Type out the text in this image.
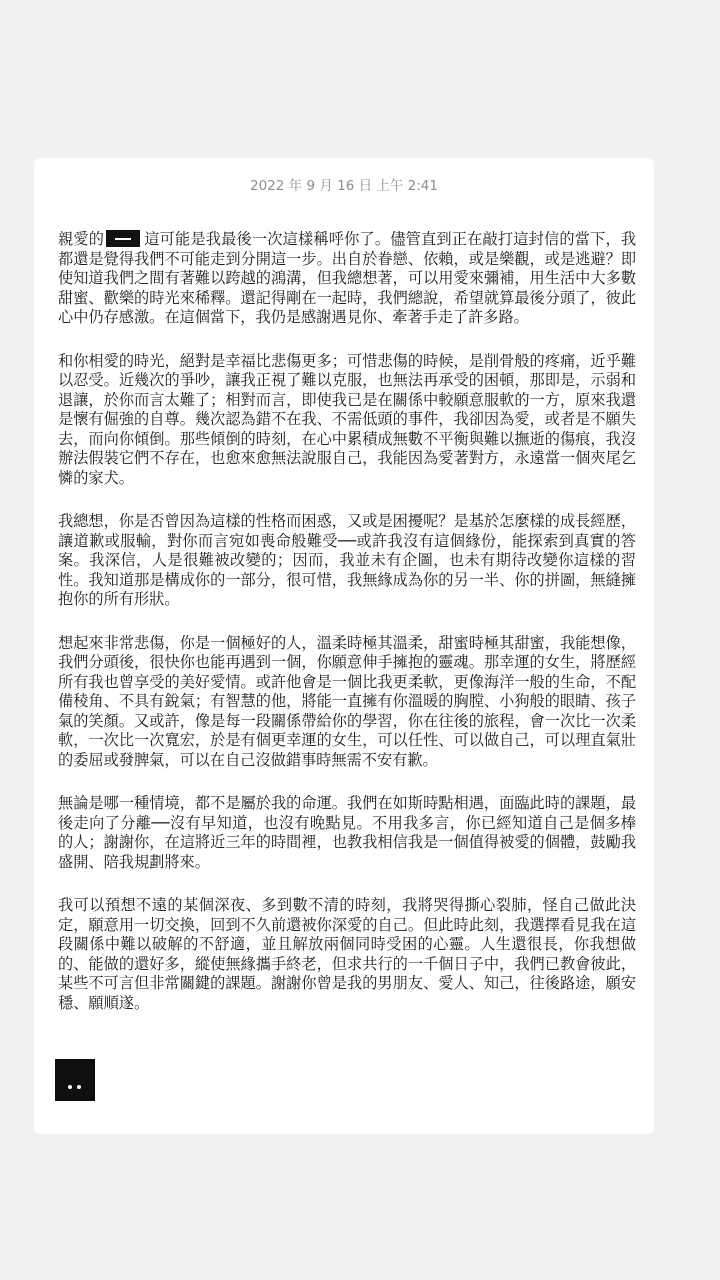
2022 年 9 月 16 日 上午 2:41

親愛的	這可能是我最後一次這樣稱呼你了。儘管直到正在敲打這封信的當下，我都還是覺得我們不可能走到分開這一步。出自於眷戀、依賴，或是樂觀，或是逃避？即使知道我們之間有著難以跨越的鴻溝，但我總想著，可以用愛來彌補，用生活中大多數甜蜜、歡樂的時光來稀釋。還記得剛在一起時，我們總說，希望就算最後分頭了，彼此心中仍存感激。在這個當下，我仍是感謝遇見你、牽著手走了許多路。

和你相愛的時光，絕對是幸福比悲傷更多；可惜悲傷的時候，是削骨般的疼痛，近乎難以忍受。近幾次的爭吵，讓我正視了難以克服，也無法再承受的困頓，那即是，示弱和退讓，於你而言太難了；相對而言，即使我已是在關係中較願意服軟的一方，原來我還是懷有倔強的自尊。幾次認為錯不在我、不需低頭的事件，我卻因為愛，或者是不願失去，而向你傾倒。那些傾倒的時刻，在心中累積成無數不平衡與難以撫逝的傷痕，我沒辦法假裝它們不存在，也愈來愈無法說服自己，我能因為愛著對方，永遠當一個夾尾乞憐的家犬。

我總想，你是否曾因為這樣的性格而困惑，又或是困擾呢？是基於怎麼樣的成長經歷，讓道歉或服輸，對你而言宛如喪命般難受──或許我沒有這個緣份，能探索到真實的答案。我深信，人是很難被改變的；因而，我並未有企圖，也未有期待改變你這樣的習性。我知道那是構成你的一部分，很可惜，我無緣成為你的另一半、你的拼圖，無縫擁抱你的所有形狀。

想起來非常悲傷，你是一個極好的人，溫柔時極其溫柔，甜蜜時極其甜蜜，我能想像，我們分頭後，很快你也能再遇到一個，你願意伸手擁抱的靈魂。那幸運的女生，將歷經所有我也曾享受的美好愛情。或許他會是一個比我更柔軟，更像海洋一般的生命，不配備稜角、不具有銳氣；有智慧的他，將能一直擁有你溫暖的胸膛、小狗般的眼睛、孩子氣的笑顏。又或許，像是每一段關係帶給你的學習，你在往後的旅程，會一次比一次柔軟，一次比一次寬宏，於是有個更幸運的女生，可以任性、可以做自己，可以理直氣壯的委屈或發脾氣，可以在自己沒做錯事時無需不安有歉。

無論是哪一種情境，都不是屬於我的命運。我們在如斯時點相遇，面臨此時的課題，最後走向了分離──沒有早知道，也沒有晚點見。不用我多言，你已經知道自己是個多棒的人；謝謝你，在這將近三年的時間裡，也教我相信我是一個值得被愛的個體，鼓勵我盛開、陪我規劃將來。

我可以預想不遠的某個深夜、多到數不清的時刻，我將哭得撕心裂肺，怪自己做此決定，願意用一切交換，回到不久前還被你深愛的自己。但此時此刻，我選擇看見我在這段關係中難以破解的不舒適，並且解放兩個同時受困的心靈。人生還很長，你我想做的、能做的還好多，縱使無緣攜手終老，但求共行的一千個日子中，我們已教會彼此，某些不可言但非常關鍵的課題。謝謝你曾是我的男朋友、愛人、知己，往後路途，願安穩、願順遂。
